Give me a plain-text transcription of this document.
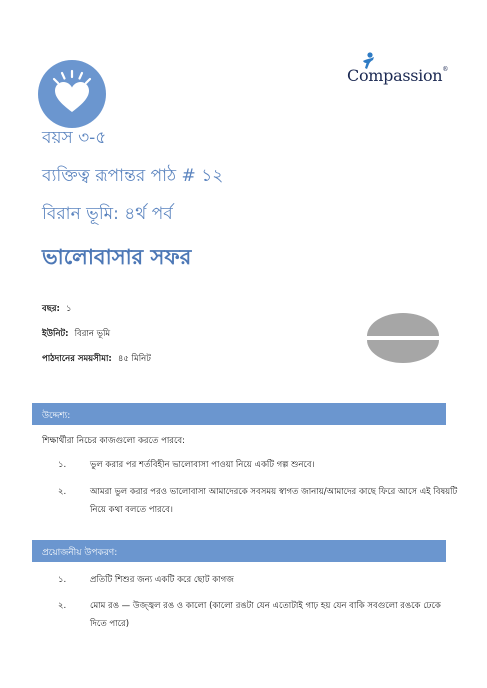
Compassion®
বয়স ৩-৫
ব্যক্তিত্ব রূপান্তর পাঠ # ১২
বিরান ভূমি: ৪র্থ পর্ব
ভালোবাসার সফর
বছর: ১
ইউনিট: বিরান ভূমি
পাঠদানের সময়সীমা: ৪৫ মিনিট
উদ্দেশ্য:
শিক্ষার্থীরা নিচের কাজগুলো করতে পারবে:
১.	ভুল করার পর শর্তবিহীন ভালোবাসা পাওয়া নিয়ে একটি গল্প শুনবে।
২.	আমরা ভুল করার পরও ভালোবাসা আমাদেরকে সবসময় স্বাগত জানায়/আমাদের কাছে ফিরে আসে এই বিষয়টি নিয়ে কথা বলতে পারবে।
প্রয়োজনীয় উপকরণ:
১.	প্রতিটি শিশুর জন্য একটি করে ছোট কাগজ
২.	মোম রঙ — উজ্জ্বল রঙ ও কালো (কালো রঙটা যেন এতোটাই গাঢ় হয় যেন বাকি সবগুলো রঙকে ঢেকে দিতে পারে)
